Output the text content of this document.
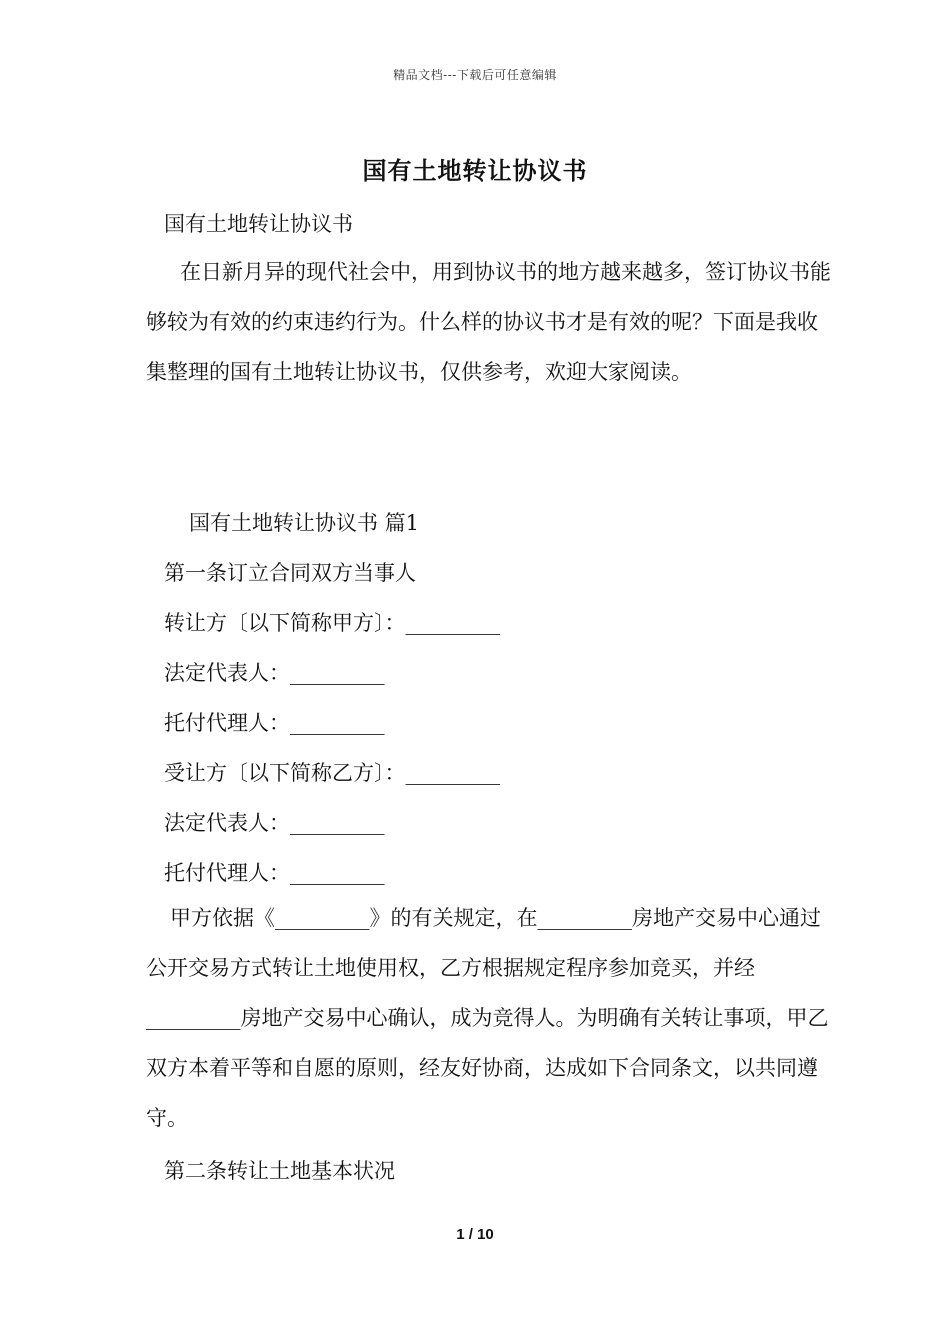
精品文档---下载后可任意编辑
国有土地转让协议书
国有土地转让协议书
在日新月异的现代社会中，用到协议书的地方越来越多，签订协议书能够较为有效的约束违约行为。什么样的协议书才是有效的呢？下面是我收集整理的国有土地转让协议书，仅供参考，欢迎大家阅读。
国有土地转让协议书 篇1
第一条订立合同双方当事人
转让方〔以下简称甲方〕：_________
法定代表人：_________
托付代理人：_________
受让方〔以下简称乙方〕：_________
法定代表人：_________
托付代理人：_________
甲方依据《_________》的有关规定，在_________房地产交易中心通过公开交易方式转让土地使用权，乙方根据规定程序参加竞买，并经_________房地产交易中心确认，成为竞得人。为明确有关转让事项，甲乙双方本着平等和自愿的原则，经友好协商，达成如下合同条文，以共同遵守。
第二条转让土地基本状况
1 / 10
